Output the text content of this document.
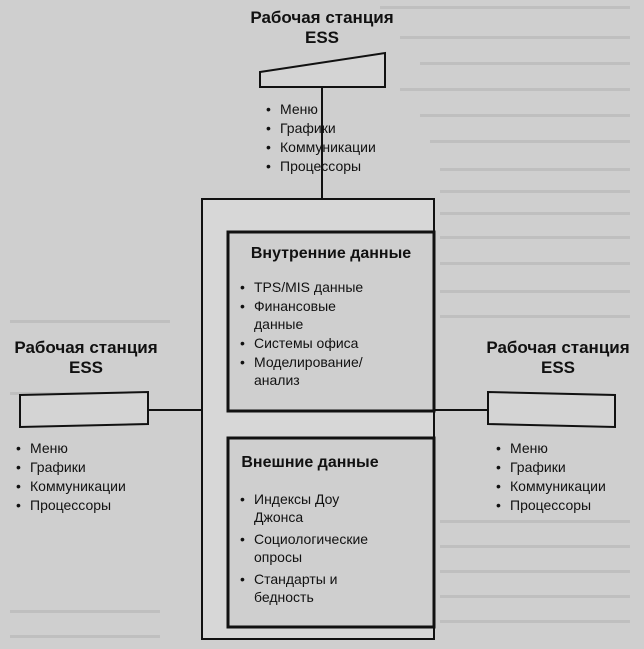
Рабочая станция
ESS
• Меню
• Графики
• Коммуникации
• Процессоры
Рабочая станция
ESS
• Меню
• Графики
• Коммуникации
• Процессоры
Рабочая станция
ESS
• Меню
• Графики
• Коммуникации
• Процессоры
Внутренние данные
• TPS/MIS данные
• Финансовые данные
• Системы офиса
• Моделирование/ анализ
Внешние данные
• Индексы Доу Джонса
• Социологические опросы
• Стандарты и бедность
